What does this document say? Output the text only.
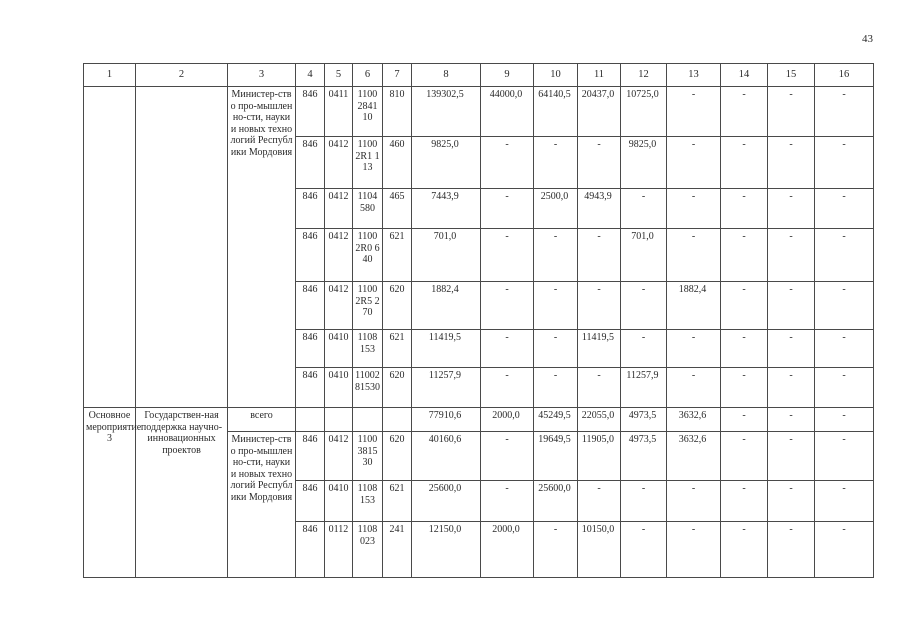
43
1	2	3	4	5	6	7	8	9	10	11	12	13	14	15	16
		Министер-ство про-мышленно-сти, науки и новых технологий Республики Мордовия	846	0411	1100 2841 10	810	139302,5	44000,0	64140,5	20437,0	10725,0	-	-	-	-
			846	0412	1100 2R1 113	460	9825,0	-	-	-	9825,0	-	-	-	-
			846	0412	1104 580	465	7443,9	-	2500,0	4943,9	-	-	-	-	-
			846	0412	1100 2R0 640	621	701,0	-	-	-	701,0	-	-	-	-
			846	0412	1100 2R5 270	620	1882,4	-	-	-	-	1882,4	-	-	-
			846	0410	1108 153	621	11419,5	-	-	11419,5	-	-	-	-	-
			846	0410	11002 81530	620	11257,9	-	-	-	11257,9	-	-	-	-
Основное мероприятие 3	Государствен-ная поддержка научно-инновационных проектов	всего					77910,6	2000,0	45249,5	22055,0	4973,5	3632,6	-	-	-
		Министер-ство про-мышленно-сти, науки и новых технологий Республики Мордовия	846	0412	1100 3815 30	620	40160,6	-	19649,5	11905,0	4973,5	3632,6	-	-	-
			846	0410	1108 153	621	25600,0	-	25600,0	-	-	-	-	-	-
			846	0112	1108 023	241	12150,0	2000,0	-	10150,0	-	-	-	-	-
